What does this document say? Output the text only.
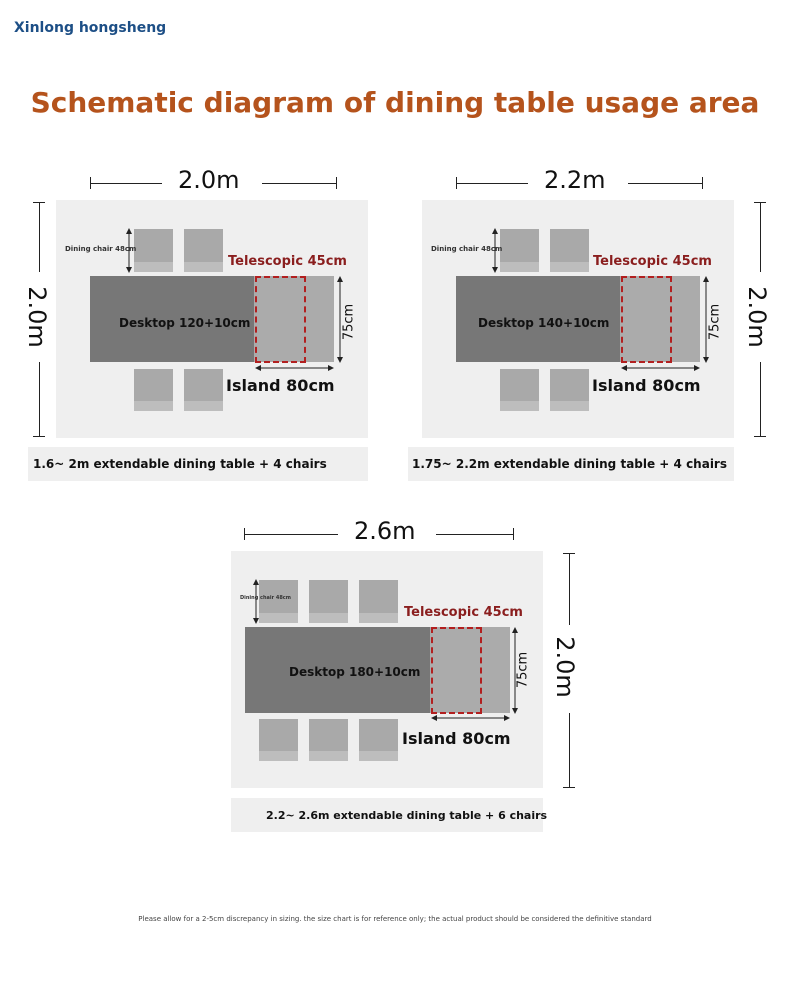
Xinlong hongsheng
Schematic diagram of dining table usage area
2.0m
2.0m
Dining chair 48cm
Desktop 120+10cm
Telescopic 45cm
Island 80cm
75cm
1.6~ 2m extendable dining table + 4 chairs
2.2m
2.0m
Dining chair 48cm
Desktop 140+10cm
Telescopic 45cm
Island 80cm
75cm
1.75~ 2.2m extendable dining table + 4 chairs
2.6m
2.0m
Dining chair 48cm
Desktop 180+10cm
Telescopic 45cm
Island 80cm
75cm
2.2~ 2.6m extendable dining table + 6 chairs
Please allow for a 2-5cm discrepancy in sizing. the size chart is for reference only; the actual product should be considered the definitive standard
